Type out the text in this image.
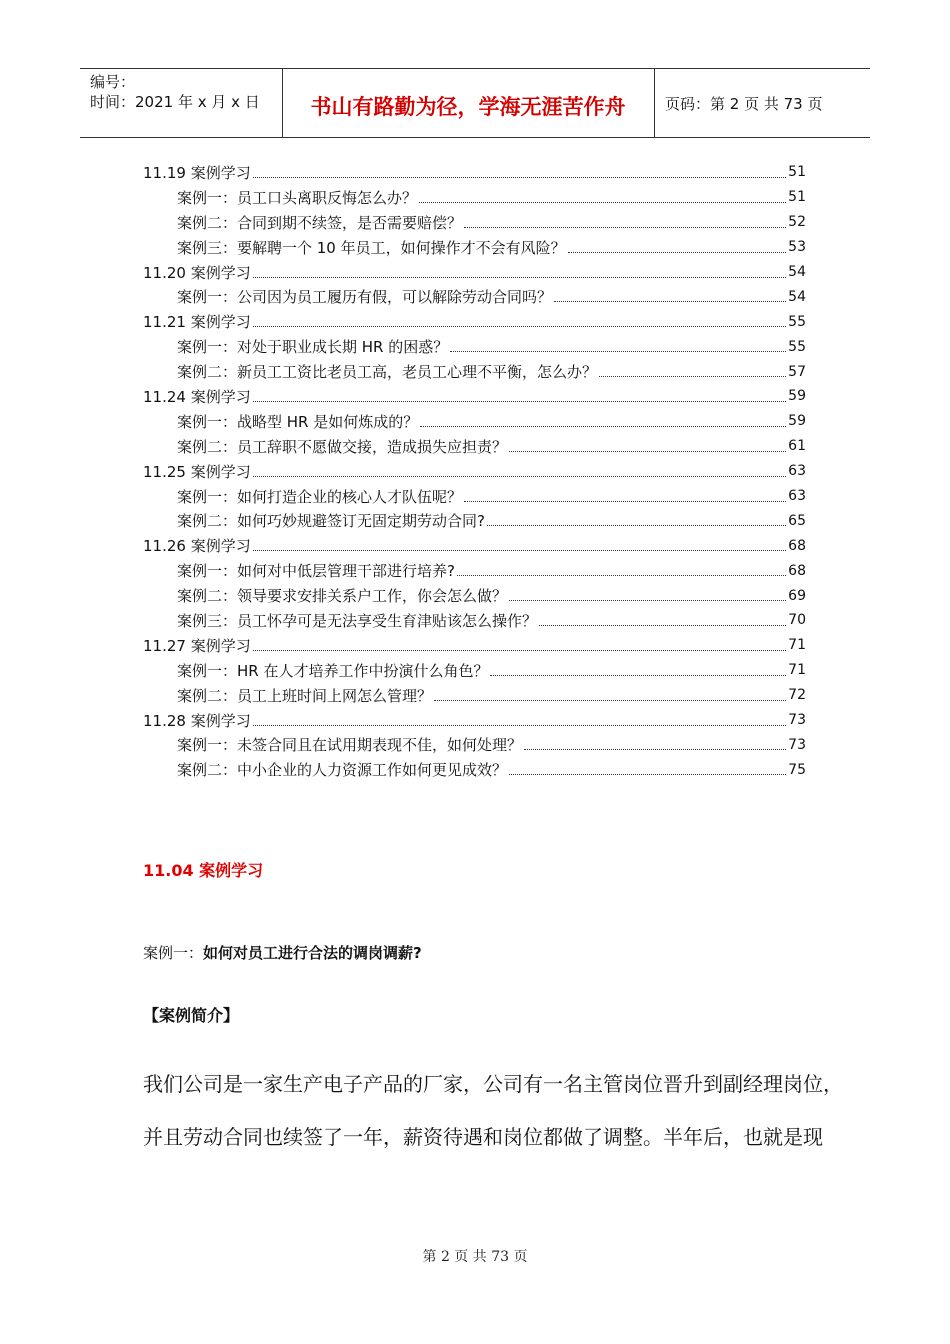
编号：
时间：2021 年 x 月 x 日	书山有路勤为径，学海无涯苦作舟	页码：第 2 页 共 73 页
11.19 案例学习	51
案例一：员工口头离职反悔怎么办？	51
案例二：合同到期不续签，是否需要赔偿？	52
案例三：要解聘一个 10 年员工，如何操作才不会有风险？	53
11.20 案例学习	54
案例一：公司因为员工履历有假，可以解除劳动合同吗？	54
11.21 案例学习	55
案例一：对处于职业成长期 HR 的困惑？	55
案例二：新员工工资比老员工高，老员工心理不平衡，怎么办？	57
11.24 案例学习	59
案例一：战略型 HR 是如何炼成的？	59
案例二：员工辞职不愿做交接，造成损失应担责？	61
11.25 案例学习	63
案例一：如何打造企业的核心人才队伍呢？	63
案例二：如何巧妙规避签订无固定期劳动合同?	65
11.26 案例学习	68
案例一：如何对中低层管理干部进行培养?	68
案例二：领导要求安排关系户工作，你会怎么做？	69
案例三：员工怀孕可是无法享受生育津贴该怎么操作？	70
11.27 案例学习	71
案例一：HR 在人才培养工作中扮演什么角色？	71
案例二：员工上班时间上网怎么管理？	72
11.28 案例学习	73
案例一：未签合同且在试用期表现不佳，如何处理？	73
案例二：中小企业的人力资源工作如何更见成效？	75
11.04 案例学习
案例一：如何对员工进行合法的调岗调薪?
【案例简介】

我们公司是一家生产电子产品的厂家，公司有一名主管岗位晋升到副经理岗位，

并且劳动合同也续签了一年，薪资待遇和岗位都做了调整。半年后，也就是现

第 2 页 共 73 页
